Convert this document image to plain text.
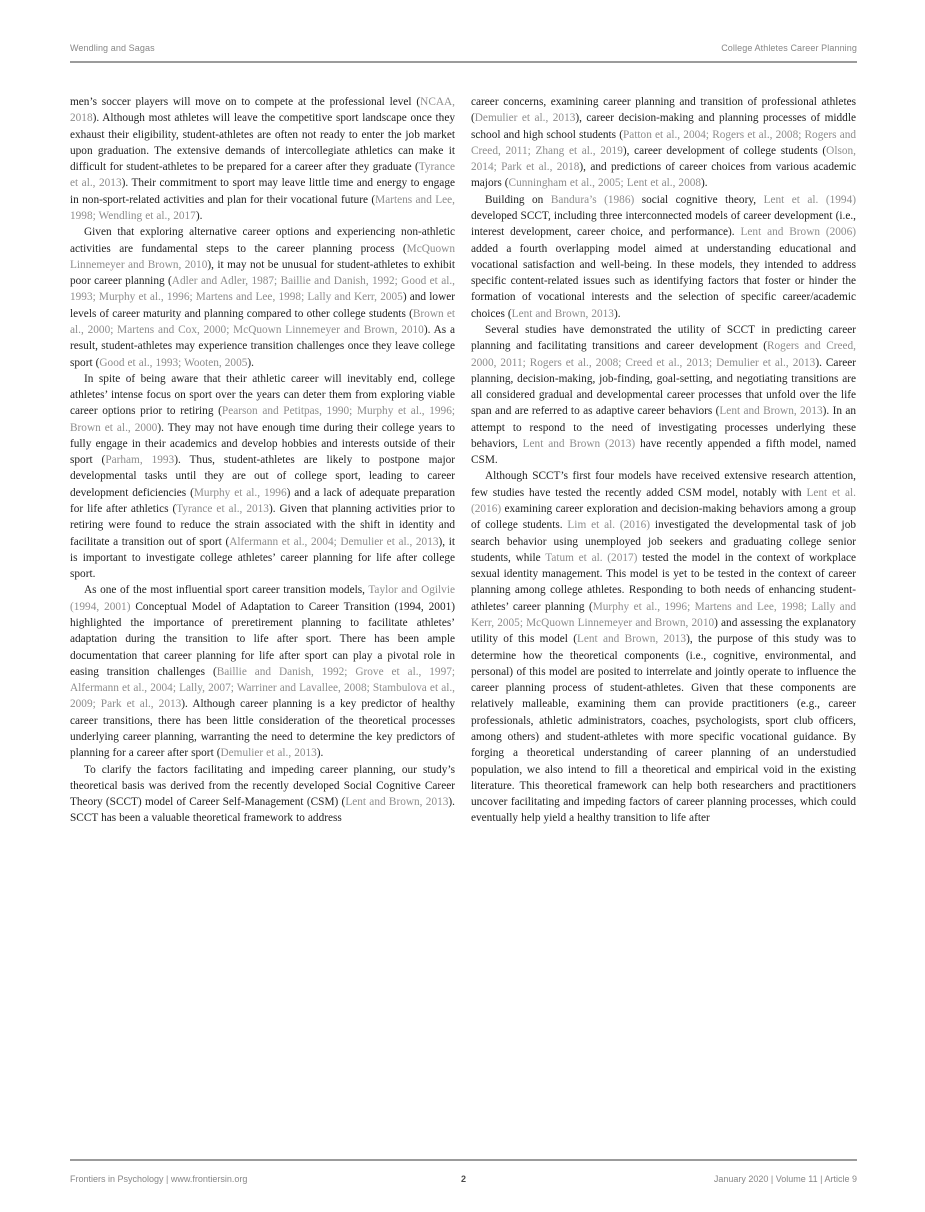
Wendling and Sagas	College Athletes Career Planning

men’s soccer players will move on to compete at the professional level (NCAA, 2018). Although most athletes will leave the competitive sport landscape once they exhaust their eligibility, student-athletes are often not ready to enter the job market upon graduation. The extensive demands of intercollegiate athletics can make it difficult for student-athletes to be prepared for a career after they graduate (Tyrance et al., 2013). Their commitment to sport may leave little time and energy to engage in non-sport-related activities and plan for their vocational future (Martens and Lee, 1998; Wendling et al., 2017).

Given that exploring alternative career options and experiencing non-athletic activities are fundamental steps to the career planning process (McQuown Linnemeyer and Brown, 2010), it may not be unusual for student-athletes to exhibit poor career planning (Adler and Adler, 1987; Baillie and Danish, 1992; Good et al., 1993; Murphy et al., 1996; Martens and Lee, 1998; Lally and Kerr, 2005) and lower levels of career maturity and planning compared to other college students (Brown et al., 2000; Martens and Cox, 2000; McQuown Linnemeyer and Brown, 2010). As a result, student-athletes may experience transition challenges once they leave college sport (Good et al., 1993; Wooten, 2005).

In spite of being aware that their athletic career will inevitably end, college athletes’ intense focus on sport over the years can deter them from exploring viable career options prior to retiring (Pearson and Petitpas, 1990; Murphy et al., 1996; Brown et al., 2000). They may not have enough time during their college years to fully engage in their academics and develop hobbies and interests outside of their sport (Parham, 1993). Thus, student-athletes are likely to postpone major developmental tasks until they are out of college sport, leading to career development deficiencies (Murphy et al., 1996) and a lack of adequate preparation for life after athletics (Tyrance et al., 2013). Given that planning activities prior to retiring were found to reduce the strain associated with the shift in identity and facilitate a transition out of sport (Alfermann et al., 2004; Demulier et al., 2013), it is important to investigate college athletes’ career planning for life after college sport.

As one of the most influential sport career transition models, Taylor and Ogilvie (1994, 2001) Conceptual Model of Adaptation to Career Transition (1994, 2001) highlighted the importance of preretirement planning to facilitate athletes’ adaptation during the transition to life after sport. There has been ample documentation that career planning for life after sport can play a pivotal role in easing transition challenges (Baillie and Danish, 1992; Grove et al., 1997; Alfermann et al., 2004; Lally, 2007; Warriner and Lavallee, 2008; Stambulova et al., 2009; Park et al., 2013). Although career planning is a key predictor of healthy career transitions, there has been little consideration of the theoretical processes underlying career planning, warranting the need to determine the key predictors of planning for a career after sport (Demulier et al., 2013).

To clarify the factors facilitating and impeding career planning, our study’s theoretical basis was derived from the recently developed Social Cognitive Career Theory (SCCT) model of Career Self-Management (CSM) (Lent and Brown, 2013). SCCT has been a valuable theoretical framework to address

career concerns, examining career planning and transition of professional athletes (Demulier et al., 2013), career decision-making and planning processes of middle school and high school students (Patton et al., 2004; Rogers et al., 2008; Rogers and Creed, 2011; Zhang et al., 2019), career development of college students (Olson, 2014; Park et al., 2018), and predictions of career choices from various academic majors (Cunningham et al., 2005; Lent et al., 2008).

Building on Bandura’s (1986) social cognitive theory, Lent et al. (1994) developed SCCT, including three interconnected models of career development (i.e., interest development, career choice, and performance). Lent and Brown (2006) added a fourth overlapping model aimed at understanding educational and vocational satisfaction and well-being. In these models, they intended to address specific content-related issues such as identifying factors that foster or hinder the formation of vocational interests and the selection of specific career/academic choices (Lent and Brown, 2013).

Several studies have demonstrated the utility of SCCT in predicting career planning and facilitating transitions and career development (Rogers and Creed, 2000, 2011; Rogers et al., 2008; Creed et al., 2013; Demulier et al., 2013). Career planning, decision-making, job-finding, goal-setting, and negotiating transitions are all considered gradual and developmental career processes that unfold over the life span and are referred to as adaptive career behaviors (Lent and Brown, 2013). In an attempt to respond to the need of investigating processes underlying these behaviors, Lent and Brown (2013) have recently appended a fifth model, named CSM.

Although SCCT’s first four models have received extensive research attention, few studies have tested the recently added CSM model, notably with Lent et al. (2016) examining career exploration and decision-making behaviors among a group of college students. Lim et al. (2016) investigated the developmental task of job search behavior using unemployed job seekers and graduating college senior students, while Tatum et al. (2017) tested the model in the context of workplace sexual identity management. This model is yet to be tested in the context of career planning among college athletes. Responding to both needs of enhancing student-athletes’ career planning (Murphy et al., 1996; Martens and Lee, 1998; Lally and Kerr, 2005; McQuown Linnemeyer and Brown, 2010) and assessing the explanatory utility of this model (Lent and Brown, 2013), the purpose of this study was to determine how the theoretical components (i.e., cognitive, environmental, and personal) of this model are posited to interrelate and jointly operate to influence the career planning process of student-athletes. Given that these components are relatively malleable, examining them can provide practitioners (e.g., career professionals, athletic administrators, coaches, psychologists, sport club officers, among others) and student-athletes with more specific vocational guidance. By forging a theoretical understanding of career planning of an understudied population, we also intend to fill a theoretical and empirical void in the existing literature. This theoretical framework can help both researchers and practitioners uncover facilitating and impeding factors of career planning processes, which could eventually help yield a healthy transition to life after

Frontiers in Psychology | www.frontiersin.org	2	January 2020 | Volume 11 | Article 9
